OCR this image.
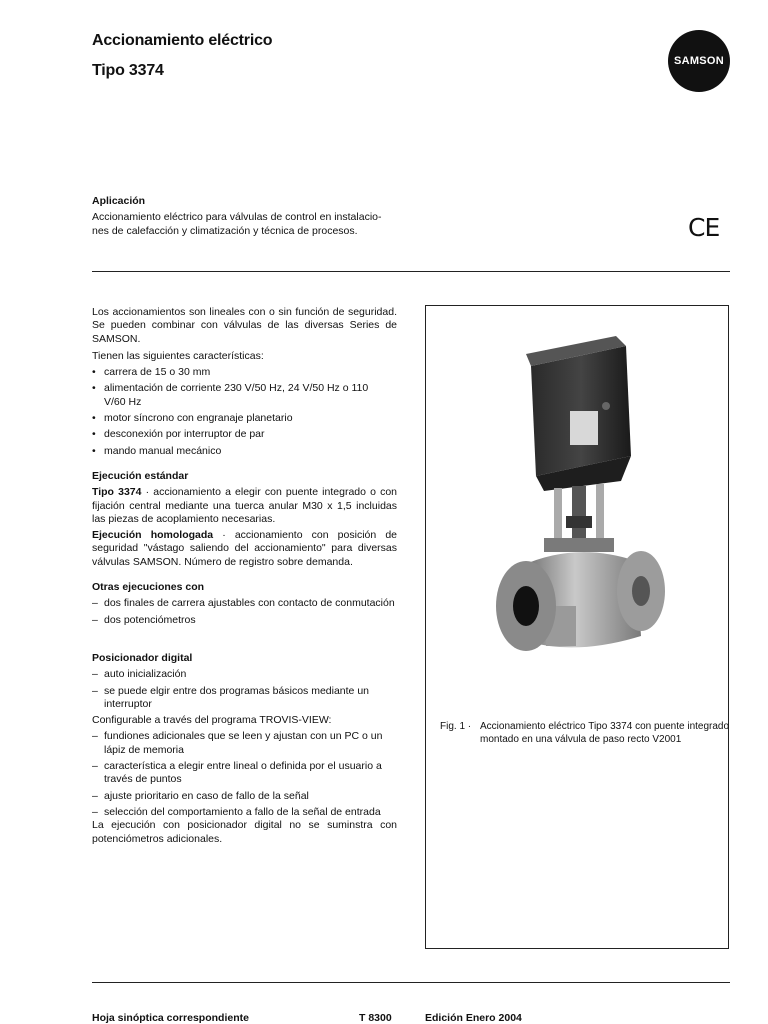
Accionamiento eléctrico
Tipo 3374
SAMSON
Aplicación
Accionamiento eléctrico para válvulas de control en instalacio-
nes de calefacción y climatización y técnica de procesos.	CE

Los accionamientos son lineales con o sin función de seguridad. Se pueden combinar con válvulas de las diversas Series de SAMSON.

Tienen las siguientes características:

• carrera de 15 o 30 mm
• alimentación de corriente 230 V/50 Hz, 24 V/50 Hz o 110 V/60 Hz
• motor síncrono con engranaje planetario
• desconexión por interruptor de par
• mando manual mecánico
Ejecución estándar

Tipo 3374 · accionamiento a elegir con puente integrado o con fijación central mediante una tuerca anular M30 x 1,5 incluidas las piezas de acoplamiento necesarias.

Ejecución homologada · accionamiento con posición de seguridad "vástago saliendo del accionamiento" para diversas válvulas SAMSON. Número de registro sobre demanda.

Otras ejecuciones con
– dos finales de carrera ajustables con contacto de conmutación
– dos potenciómetros
Posicionador digital
– auto inicialización
– se puede elgir entre dos programas básicos mediante un interruptor

Configurable a través del programa TROVIS-VIEW:

– fundiones adicionales que se leen y ajustan con un PC o un lápiz de memoria
– característica a elegir entre lineal o definida por el usuario a través de puntos
– ajuste prioritario en caso de fallo de la señal
– selección del comportamiento a fallo de la señal de entrada

La ejecución con posicionador digital no se suminstra con potenciómetros adicionales.

Fig. 1 · Accionamiento eléctrico Tipo 3374 con puente integrado montado en una válvula de paso recto V2001
Hoja sinóptica correspondiente	T 8300	Edición Enero 2004
